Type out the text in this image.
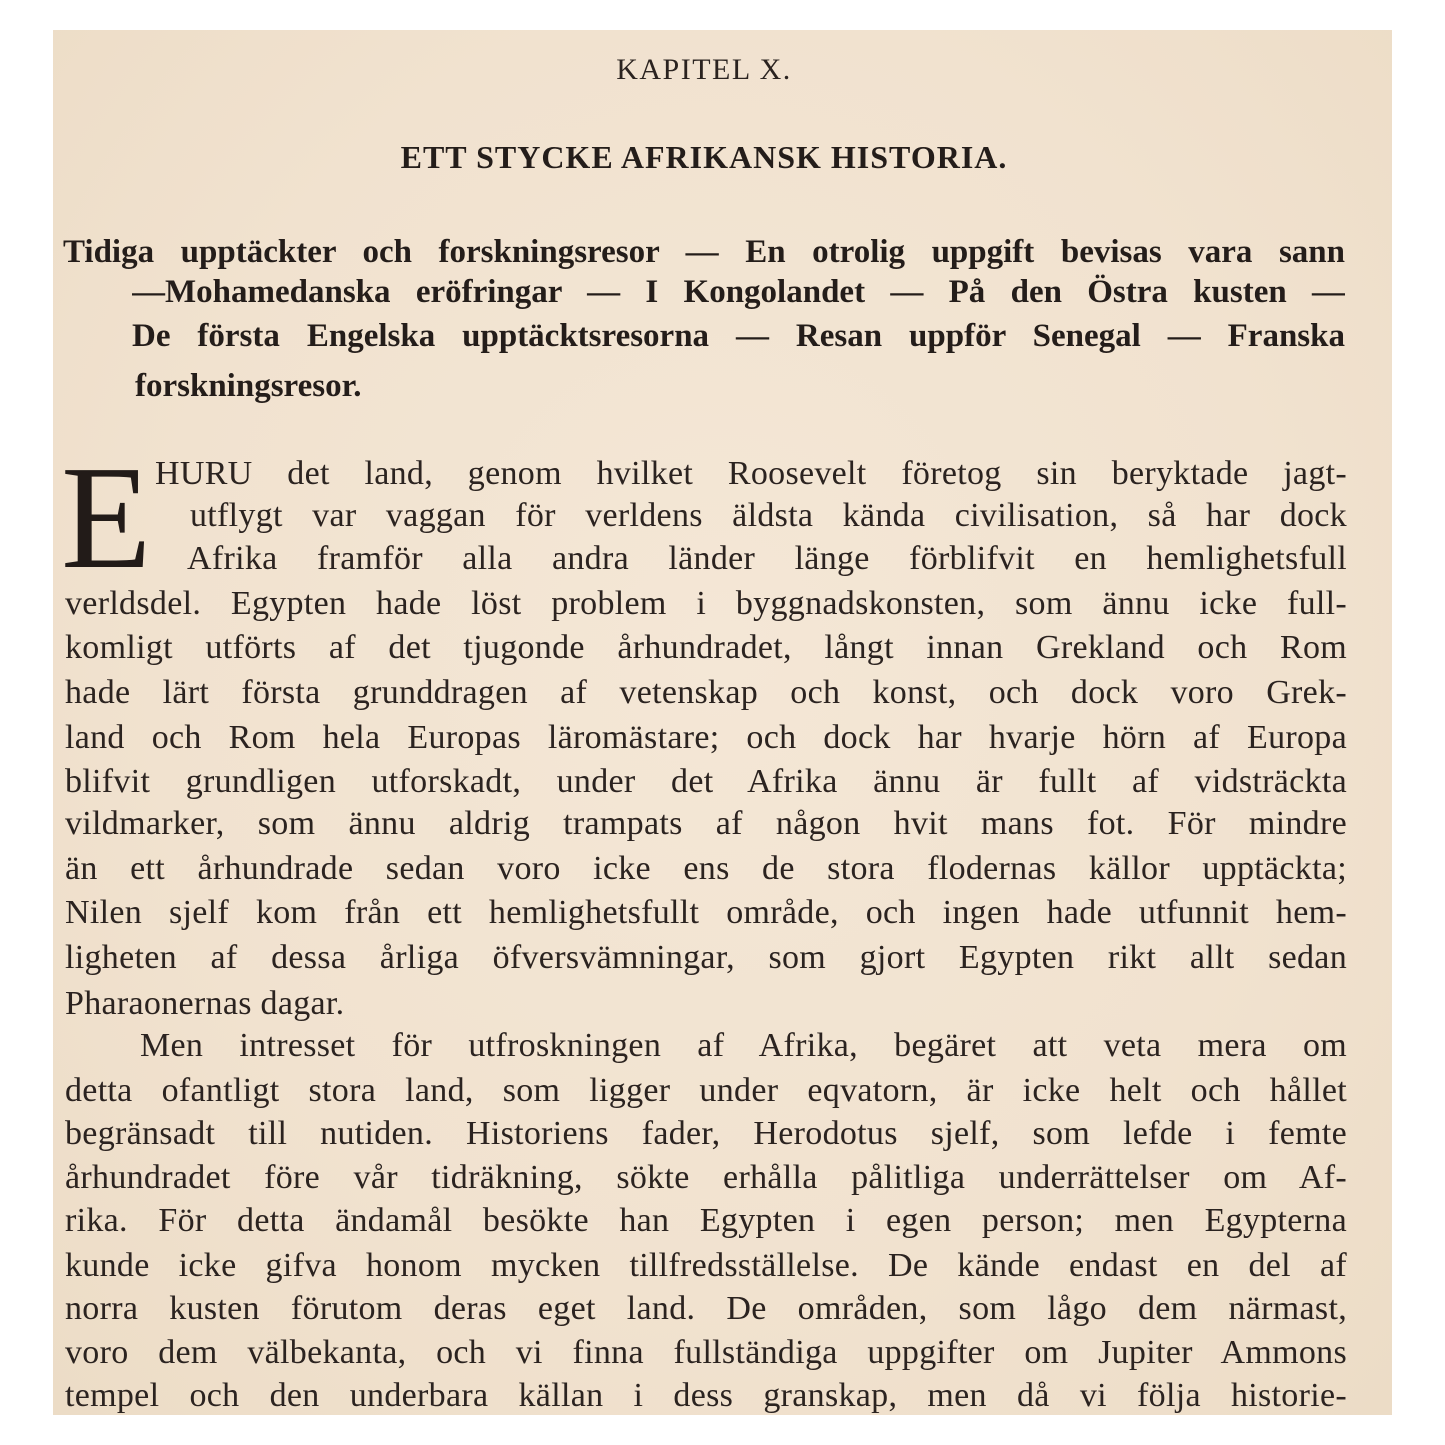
KAPITEL X.
ETT STYCKE AFRIKANSK HISTORIA.
Tidiga upptäckter och forskningsresor — En otrolig uppgift bevisas vara sann
—Mohamedanska eröfringar — I Kongolandet — På den Östra kusten —
De första Engelska upptäcktsresorna — Resan uppför Senegal — Franska
forskningsresor.
E HURU det land, genom hvilket Roosevelt företog sin beryktade jagt-
utflygt var vaggan för verldens äldsta kända civilisation, så har dock
Afrika framför alla andra länder länge förblifvit en hemlighetsfull
verldsdel. Egypten hade löst problem i byggnadskonsten, som ännu icke full-
komligt utförts af det tjugonde århundradet, långt innan Grekland och Rom
hade lärt första grunddragen af vetenskap och konst, och dock voro Grek-
land och Rom hela Europas läromästare; och dock har hvarje hörn af Europa
blifvit grundligen utforskadt, under det Afrika ännu är fullt af vidsträckta
vildmarker, som ännu aldrig trampats af någon hvit mans fot. För mindre
än ett århundrade sedan voro icke ens de stora flodernas källor upptäckta;
Nilen sjelf kom från ett hemlighetsfullt område, och ingen hade utfunnit hem-
ligheten af dessa årliga öfversvämningar, som gjort Egypten rikt allt sedan
Pharaonernas dagar.
Men intresset för utfroskningen af Afrika, begäret att veta mera om
detta ofantligt stora land, som ligger under eqvatorn, är icke helt och hållet
begränsadt till nutiden. Historiens fader, Herodotus sjelf, som lefde i femte
århundradet före vår tidräkning, sökte erhålla pålitliga underrättelser om Af-
rika. För detta ändamål besökte han Egypten i egen person; men Egypterna
kunde icke gifva honom mycken tillfredsställelse. De kände endast en del af
norra kusten förutom deras eget land. De områden, som lågo dem närmast,
voro dem välbekanta, och vi finna fullständiga uppgifter om Jupiter Ammons
tempel och den underbara källan i dess granskap, men då vi följa historie-
